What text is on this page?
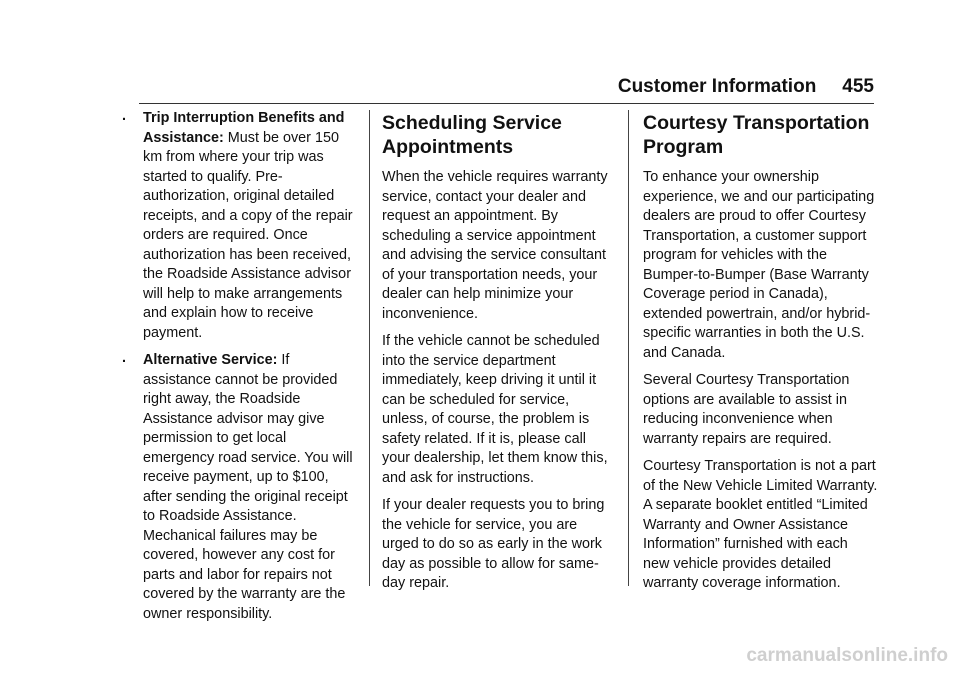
Customer Information 455
. Trip Interruption Benefits and Assistance: Must be over 150 km from where your trip was started to qualify. Pre-authorization, original detailed receipts, and a copy of the repair orders are required. Once authorization has been received, the Roadside Assistance advisor will help to make arrangements and explain how to receive payment.
. Alternative Service: If assistance cannot be provided right away, the Roadside Assistance advisor may give permission to get local emergency road service. You will receive payment, up to $100, after sending the original receipt to Roadside Assistance. Mechanical failures may be covered, however any cost for parts and labor for repairs not covered by the warranty are the owner responsibility.
Scheduling Service Appointments

When the vehicle requires warranty service, contact your dealer and request an appointment. By scheduling a service appointment and advising the service consultant of your transportation needs, your dealer can help minimize your inconvenience.

If the vehicle cannot be scheduled into the service department immediately, keep driving it until it can be scheduled for service, unless, of course, the problem is safety related. If it is, please call your dealership, let them know this, and ask for instructions.

If your dealer requests you to bring the vehicle for service, you are urged to do so as early in the work day as possible to allow for same-day repair.

Courtesy Transportation Program

To enhance your ownership experience, we and our participating dealers are proud to offer Courtesy Transportation, a customer support program for vehicles with the Bumper-to-Bumper (Base Warranty Coverage period in Canada), extended powertrain, and/or hybrid-specific warranties in both the U.S. and Canada.

Several Courtesy Transportation options are available to assist in reducing inconvenience when warranty repairs are required.

Courtesy Transportation is not a part of the New Vehicle Limited Warranty. A separate booklet entitled “Limited Warranty and Owner Assistance Information” furnished with each new vehicle provides detailed warranty coverage information.

carmanualsonline.info
